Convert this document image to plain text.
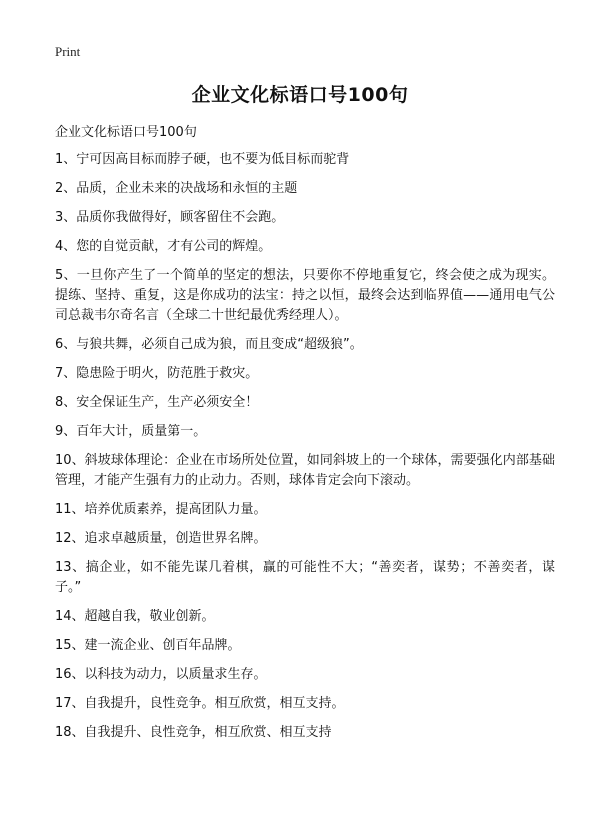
Print
企业文化标语口号100句

企业文化标语口号100句

1、宁可因高目标而脖子硬，也不要为低目标而驼背
2、品质，企业未来的决战场和永恒的主题
3、品质你我做得好，顾客留住不会跑。
4、您的自觉贡献，才有公司的辉煌。
5、一旦你产生了一个简单的坚定的想法，只要你不停地重复它，终会使之成为现实。提练、坚持、重复，这是你成功的法宝：持之以恒，最终会达到临界值——通用电气公司总裁韦尔奇名言（全球二十世纪最优秀经理人）。
6、与狼共舞，必须自己成为狼，而且变成“超级狼”。
7、隐患险于明火，防范胜于救灾。
8、安全保证生产，生产必须安全！
9、百年大计，质量第一。
10、斜坡球体理论：企业在市场所处位置，如同斜坡上的一个球体，需要强化内部基础管理，才能产生强有力的止动力。否则，球体肯定会向下滚动。
11、培养优质素养，提高团队力量。
12、追求卓越质量，创造世界名牌。
13、搞企业，如不能先谋几着棋，赢的可能性不大；“善奕者，谋势；不善奕者，谋子。”
14、超越自我，敬业创新。
15、建一流企业、创百年品牌。
16、以科技为动力，以质量求生存。
17、自我提升，良性竞争。相互欣赏，相互支持。
18、自我提升、良性竞争，相互欣赏、相互支持
